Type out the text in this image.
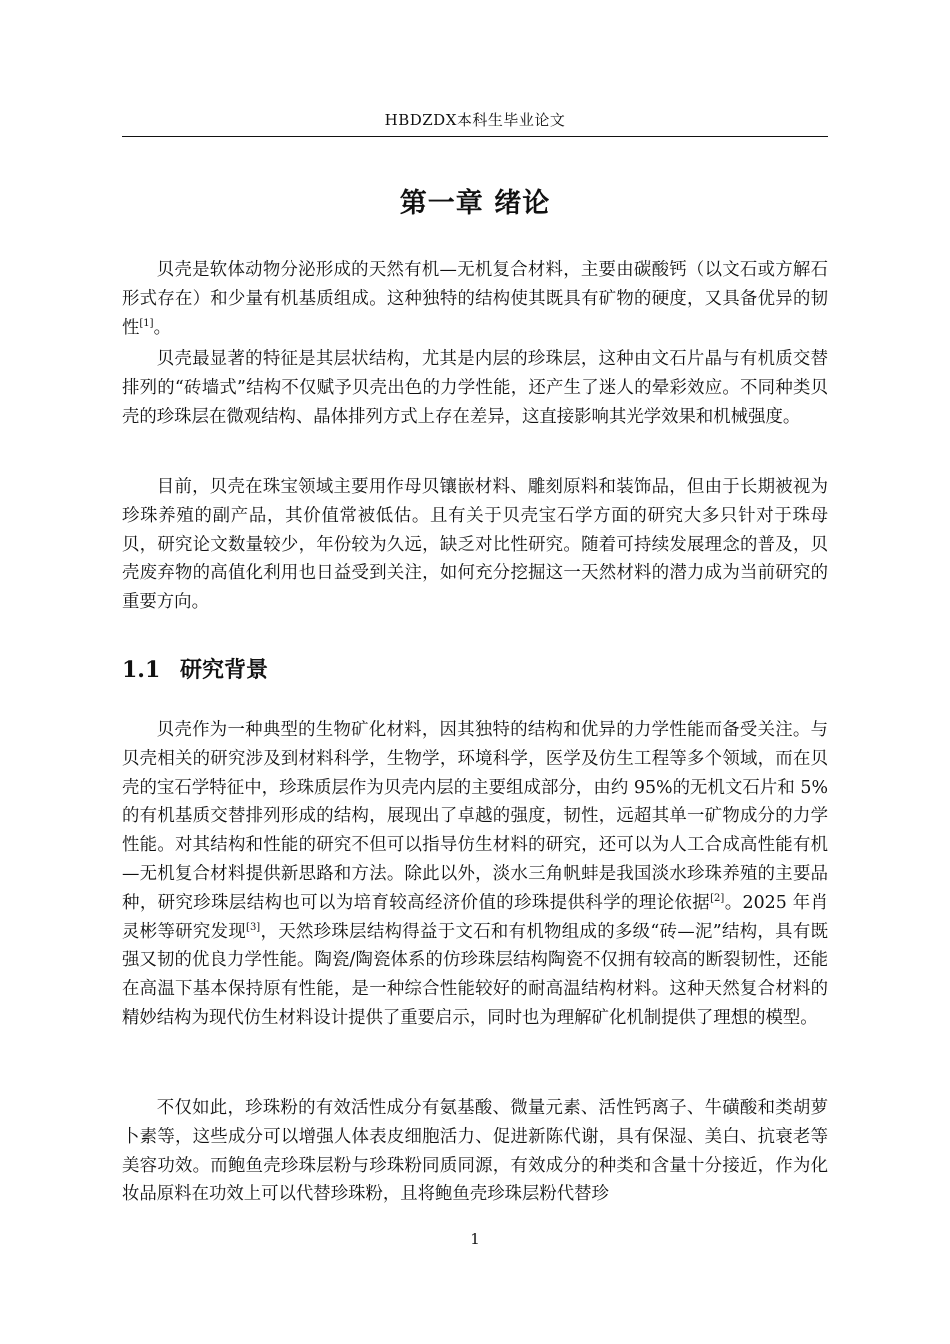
HBDZDX本科生毕业论文
第一章 绪论

贝壳是软体动物分泌形成的天然有机—无机复合材料，主要由碳酸钙（以文石或方解石形式存在）和少量有机基质组成。这种独特的结构使其既具有矿物的硬度，又具备优异的韧性[1]。

贝壳最显著的特征是其层状结构，尤其是内层的珍珠层，这种由文石片晶与有机质交替排列的“砖墙式”结构不仅赋予贝壳出色的力学性能，还产生了迷人的晕彩效应。不同种类贝壳的珍珠层在微观结构、晶体排列方式上存在差异，这直接影响其光学效果和机械强度。

目前，贝壳在珠宝领域主要用作母贝镶嵌材料、雕刻原料和装饰品，但由于长期被视为珍珠养殖的副产品，其价值常被低估。且有关于贝壳宝石学方面的研究大多只针对于珠母贝，研究论文数量较少，年份较为久远，缺乏对比性研究。随着可持续发展理念的普及，贝壳废弃物的高值化利用也日益受到关注，如何充分挖掘这一天然材料的潜力成为当前研究的重要方向。

1.1 研究背景

贝壳作为一种典型的生物矿化材料，因其独特的结构和优异的力学性能而备受关注。与贝壳相关的研究涉及到材料科学，生物学，环境科学，医学及仿生工程等多个领域，而在贝壳的宝石学特征中，珍珠质层作为贝壳内层的主要组成部分，由约 95%的无机文石片和 5%的有机基质交替排列形成的结构，展现出了卓越的强度，韧性，远超其单一矿物成分的力学性能。对其结构和性能的研究不但可以指导仿生材料的研究，还可以为人工合成高性能有机—无机复合材料提供新思路和方法。除此以外，淡水三角帆蚌是我国淡水珍珠养殖的主要品种，研究珍珠层结构也可以为培育较高经济价值的珍珠提供科学的理论依据[2]。2025 年肖灵彬等研究发现[3]，天然珍珠层结构得益于文石和有机物组成的多级“砖—泥”结构，具有既强又韧的优良力学性能。陶瓷/陶瓷体系的仿珍珠层结构陶瓷不仅拥有较高的断裂韧性，还能在高温下基本保持原有性能，是一种综合性能较好的耐高温结构材料。这种天然复合材料的精妙结构为现代仿生材料设计提供了重要启示，同时也为理解矿化机制提供了理想的模型。

不仅如此，珍珠粉的有效活性成分有氨基酸、微量元素、活性钙离子、牛磺酸和类胡萝卜素等，这些成分可以增强人体表皮细胞活力、促进新陈代谢，具有保湿、美白、抗衰老等美容功效。而鲍鱼壳珍珠层粉与珍珠粉同质同源，有效成分的种类和含量十分接近，作为化妆品原料在功效上可以代替珍珠粉，且将鲍鱼壳珍珠层粉代替珍

1
